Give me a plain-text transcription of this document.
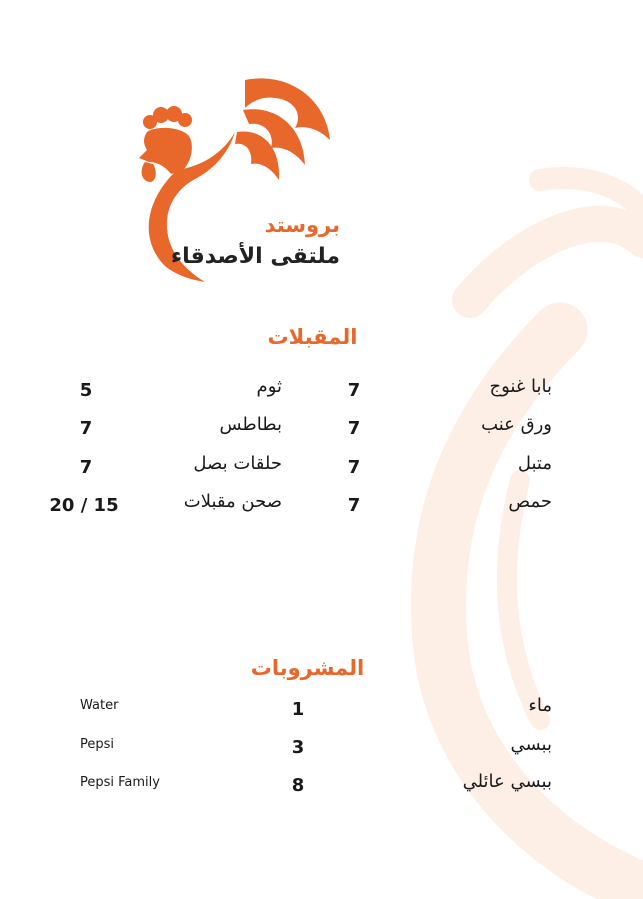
بروستد
ملتقى الأصدقاء
المقبلات
بابا غنوج
7
ثوم
5
ورق عنب
7
بطاطس
7
متبل
7
حلقات بصل
7
حمص
7
صحن مقبلات
20 / 15
المشروبات
ماء
1
Water
ببسي
3
Pepsi
ببسي عائلي
8
Pepsi Family
